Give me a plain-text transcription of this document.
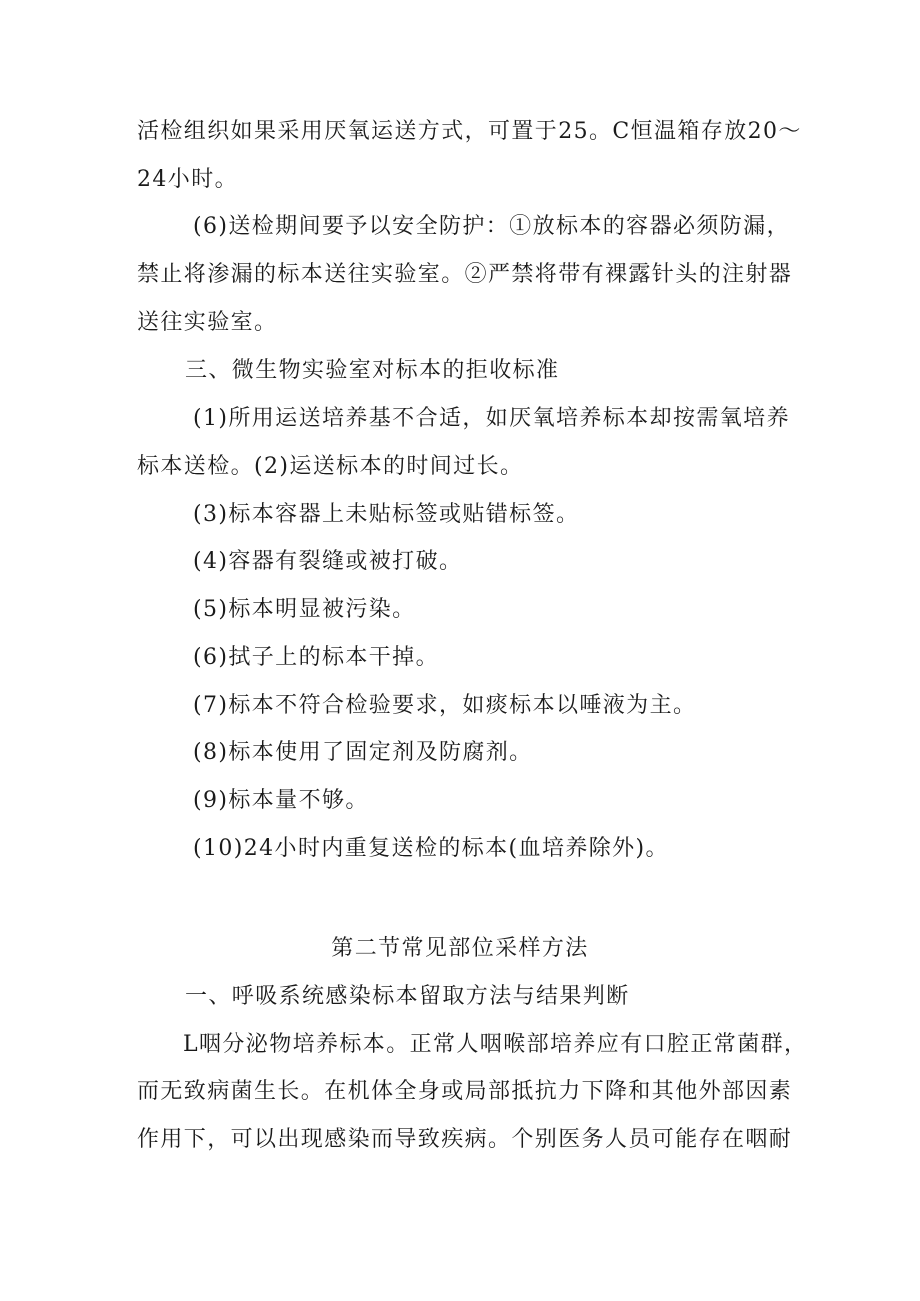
活检组织如果采用厌氧运送方式，可置于25。C恒温箱存放20～
24小时。
(6)送检期间要予以安全防护：①放标本的容器必须防漏，
禁止将渗漏的标本送往实验室。②严禁将带有裸露针头的注射器
送往实验室。
三、微生物实验室对标本的拒收标准
(1)所用运送培养基不合适，如厌氧培养标本却按需氧培养
标本送检。(2)运送标本的时间过长。
(3)标本容器上未贴标签或贴错标签。
(4)容器有裂缝或被打破。
(5)标本明显被污染。
(6)拭子上的标本干掉。
(7)标本不符合检验要求，如痰标本以唾液为主。
(8)标本使用了固定剂及防腐剂。
(9)标本量不够。
(10)24小时内重复送检的标本(血培养除外)。
第二节常见部位采样方法
一、呼吸系统感染标本留取方法与结果判断
L咽分泌物培养标本。正常人咽喉部培养应有口腔正常菌群，
而无致病菌生长。在机体全身或局部抵抗力下降和其他外部因素
作用下，可以出现感染而导致疾病。个别医务人员可能存在咽耐
